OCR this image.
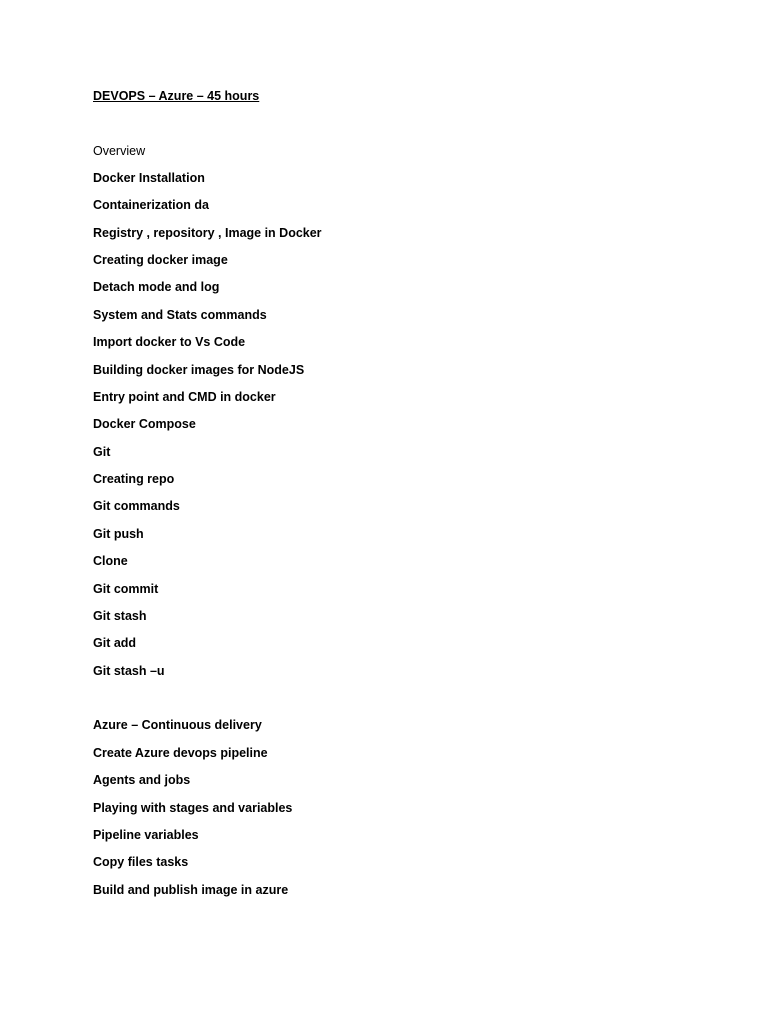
DEVOPS – Azure – 45 hours

Overview

Docker Installation

Containerization da

Registry , repository , Image in Docker

Creating docker image

Detach mode and log

System and Stats commands

Import docker to Vs Code

Building docker images for NodeJS

Entry point and CMD in docker

Docker Compose

Git

Creating repo

Git commands

Git push

Clone

Git commit

Git stash

Git add

Git stash –u

Azure – Continuous delivery

Create Azure devops pipeline

Agents and jobs

Playing with stages and variables

Pipeline variables

Copy files tasks

Build and publish image in azure
